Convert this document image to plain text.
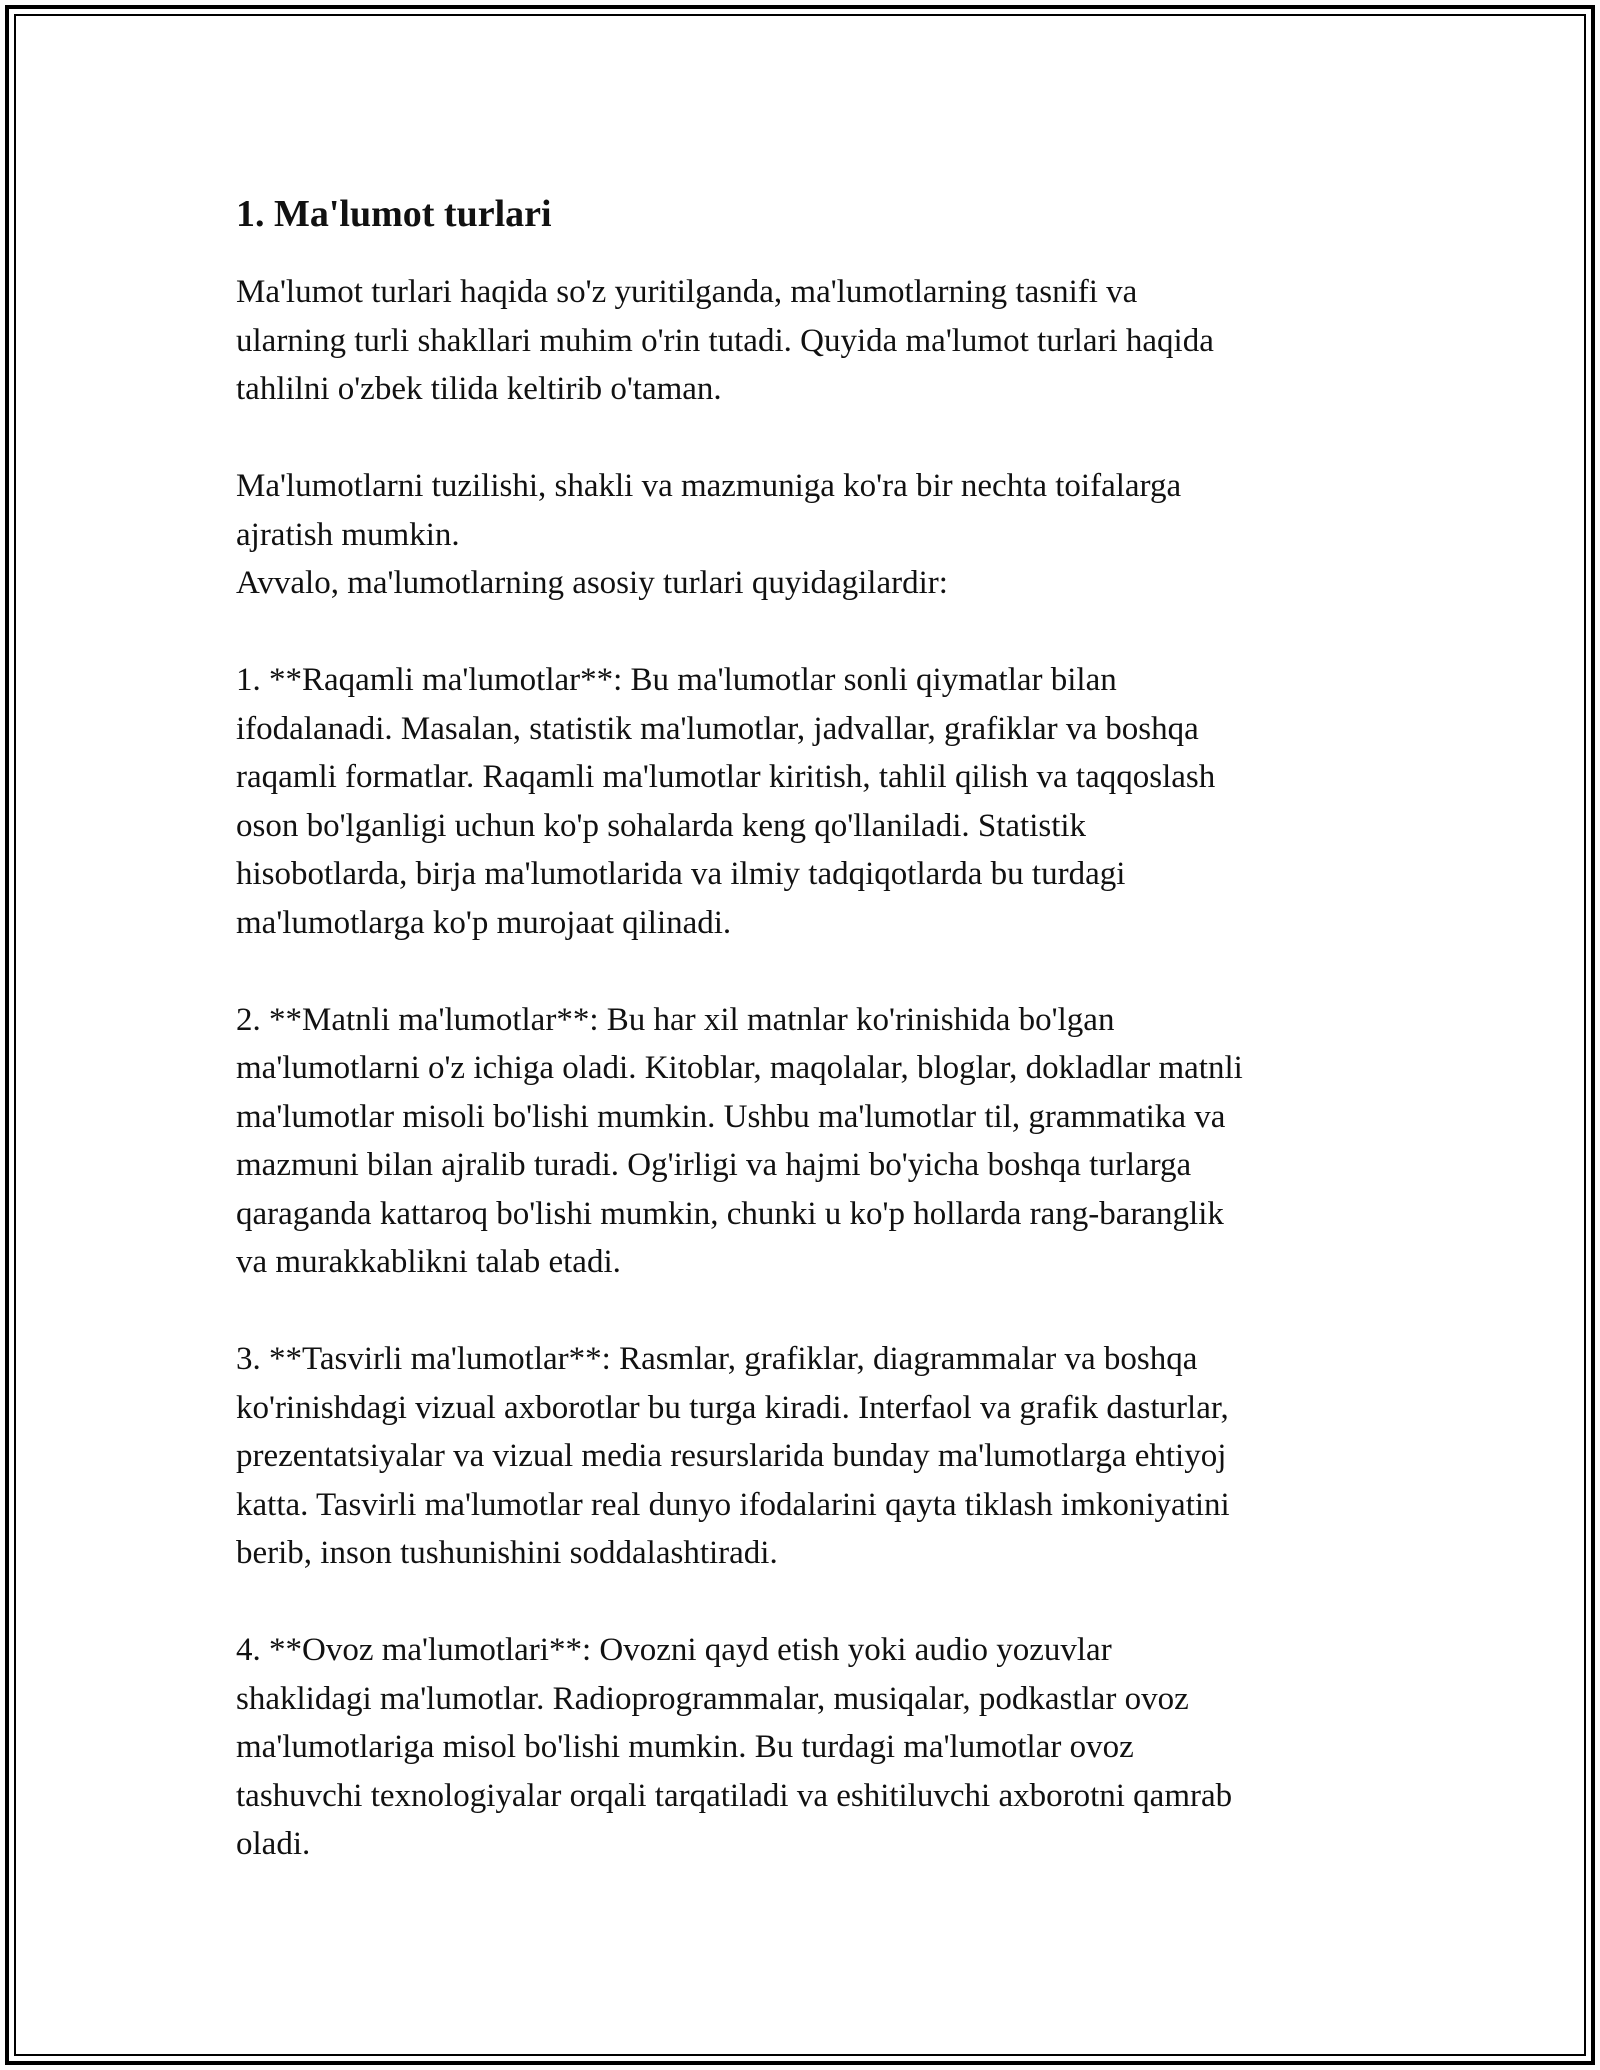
1. Ma'lumot turlari

Ma'lumot turlari haqida so'z yuritilganda, ma'lumotlarning tasnifi va
ularning turli shakllari muhim o'rin tutadi. Quyida ma'lumot turlari haqida
tahlilni o'zbek tilida keltirib o'taman.

Ma'lumotlarni tuzilishi, shakli va mazmuniga ko'ra bir nechta toifalarga
ajratish mumkin.
Avvalo, ma'lumotlarning asosiy turlari quyidagilardir:

1. **Raqamli ma'lumotlar**: Bu ma'lumotlar sonli qiymatlar bilan
ifodalanadi. Masalan, statistik ma'lumotlar, jadvallar, grafiklar va boshqa
raqamli formatlar. Raqamli ma'lumotlar kiritish, tahlil qilish va taqqoslash
oson bo'lganligi uchun ko'p sohalarda keng qo'llaniladi. Statistik
hisobotlarda, birja ma'lumotlarida va ilmiy tadqiqotlarda bu turdagi
ma'lumotlarga ko'p murojaat qilinadi.

2. **Matnli ma'lumotlar**: Bu har xil matnlar ko'rinishida bo'lgan
ma'lumotlarni o'z ichiga oladi. Kitoblar, maqolalar, bloglar, dokladlar matnli
ma'lumotlar misoli bo'lishi mumkin. Ushbu ma'lumotlar til, grammatika va
mazmuni bilan ajralib turadi. Og'irligi va hajmi bo'yicha boshqa turlarga
qaraganda kattaroq bo'lishi mumkin, chunki u ko'p hollarda rang-baranglik
va murakkablikni talab etadi.

3. **Tasvirli ma'lumotlar**: Rasmlar, grafiklar, diagrammalar va boshqa
ko'rinishdagi vizual axborotlar bu turga kiradi. Interfaol va grafik dasturlar,
prezentatsiyalar va vizual media resurslarida bunday ma'lumotlarga ehtiyoj
katta. Tasvirli ma'lumotlar real dunyo ifodalarini qayta tiklash imkoniyatini
berib, inson tushunishini soddalashtiradi.

4. **Ovoz ma'lumotlari**: Ovozni qayd etish yoki audio yozuvlar
shaklidagi ma'lumotlar. Radioprogrammalar, musiqalar, podkastlar ovoz
ma'lumotlariga misol bo'lishi mumkin. Bu turdagi ma'lumotlar ovoz
tashuvchi texnologiyalar orqali tarqatiladi va eshitiluvchi axborotni qamrab
oladi.
